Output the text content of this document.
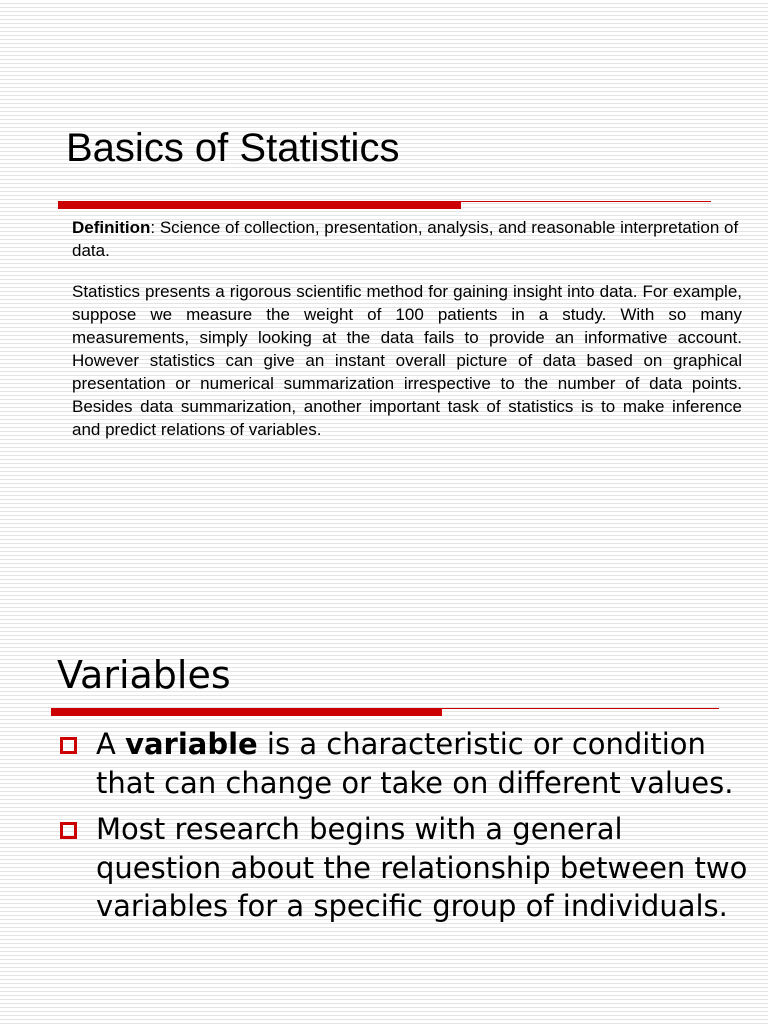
Basics of Statistics

Definition: Science of collection, presentation, analysis, and reasonable interpretation of data.

Statistics presents a rigorous scientific method for gaining insight into data. For example, suppose we measure the weight of 100 patients in a study. With so many measurements, simply looking at the data fails to provide an informative account. However statistics can give an instant overall picture of data based on graphical presentation or numerical summarization irrespective to the number of data points. Besides data summarization, another important task of statistics is to make inference and predict relations of variables.

Variables
A variable is a characteristic or condition that can change or take on different values.
Most research begins with a general question about the relationship between two variables for a specific group of individuals.
